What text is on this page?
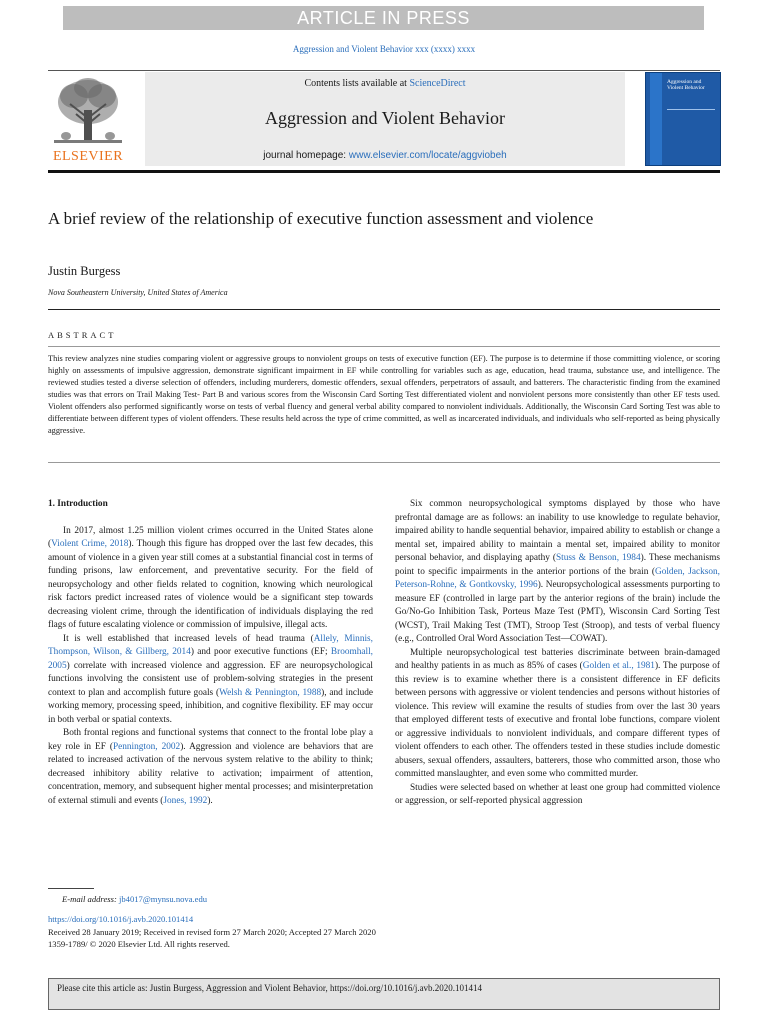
ARTICLE IN PRESS
Aggression and Violent Behavior xxx (xxxx) xxxx
ELSEVIER
Contents lists available at ScienceDirect
Aggression and Violent Behavior
journal homepage: www.elsevier.com/locate/aggviobeh
Aggression and Violent Behavior
A brief review of the relationship of executive function assessment and violence
Justin Burgess
Nova Southeastern University, United States of America
ABSTRACT
This review analyzes nine studies comparing violent or aggressive groups to nonviolent groups on tests of executive function (EF). The purpose is to determine if those committing violence, or scoring highly on assessments of impulsive aggression, demonstrate significant impairment in EF while controlling for variables such as age, education, head trauma, substance use, and intelligence. The reviewed studies tested a diverse selection of offenders, including murderers, domestic offenders, sexual offenders, perpetrators of assault, and batterers. The characteristic finding from the examined studies was that errors on Trail Making Test- Part B and various scores from the Wisconsin Card Sorting Test differentiated violent and nonviolent persons more consistently than other EF tests used. Violent offenders also performed significantly worse on tests of verbal fluency and general verbal ability compared to nonviolent individuals. Additionally, the Wisconsin Card Sorting Test was able to differentiate between different types of violent offenders. These results held across the type of crime committed, as well as incarcerated individuals, and individuals who self-reported as being physically aggressive.
1. Introduction

In 2017, almost 1.25 million violent crimes occurred in the United States alone (Violent Crime, 2018). Though this figure has dropped over the last few decades, this amount of violence in a given year still comes at a substantial financial cost in terms of funding prisons, law enforcement, and preventative security. For the field of neuropsychology and other fields related to cognition, knowing which neurological risk factors predict increased rates of violence would be a significant step towards decreasing violent crime, through the identification of individuals displaying the red flags of future escalating violence or commission of impulsive, illegal acts.

It is well established that increased levels of head trauma (Allely, Minnis, Thompson, Wilson, & Gillberg, 2014) and poor executive functions (EF; Broomhall, 2005) correlate with increased violence and aggression. EF are neuropsychological functions involving the consistent use of problem-solving strategies in the present context to plan and accomplish future goals (Welsh & Pennington, 1988), and include working memory, processing speed, inhibition, and cognitive flexibility. EF may occur in both verbal or spatial contexts.

Both frontal regions and functional systems that connect to the frontal lobe play a key role in EF (Pennington, 2002). Aggression and violence are behaviors that are related to increased activation of the nervous system relative to the ability to think; decreased inhibitory ability relative to activation; impairment of attention, concentration, memory, and subsequent higher mental processes; and misinterpretation of external stimuli and events (Jones, 1992).

Six common neuropsychological symptoms displayed by those who have prefrontal damage are as follows: an inability to use knowledge to regulate behavior, impaired ability to handle sequential behavior, impaired ability to establish or change a mental set, impaired ability to maintain a mental set, impaired ability to monitor personal behavior, and displaying apathy (Stuss & Benson, 1984). These mechanisms point to specific impairments in the anterior portions of the brain (Golden, Jackson, Peterson-Rohne, & Gontkovsky, 1996). Neuropsychological assessments purporting to measure EF (controlled in large part by the anterior regions of the brain) include the Go/No-Go Inhibition Task, Porteus Maze Test (PMT), Wisconsin Card Sorting Test (WCST), Trail Making Test (TMT), Stroop Test (Stroop), and tests of verbal fluency (e.g., Controlled Oral Word Association Test—COWAT).

Multiple neuropsychological test batteries discriminate between brain-damaged and healthy patients in as much as 85% of cases (Golden et al., 1981). The purpose of this review is to examine whether there is a consistent difference in EF deficits between persons with aggressive or violent tendencies and persons without histories of violence. This review will examine the results of studies from over the last 30 years that employed different tests of executive and frontal lobe functions, compare violent or aggressive individuals to nonviolent individuals, and compare different types of violent offenders to each other. The offenders tested in these studies include domestic abusers, sexual offenders, assaulters, batterers, those who committed arson, those who committed manslaughter, and even some who committed murder.

Studies were selected based on whether at least one group had committed violence or aggression, or self-reported physical aggression

E-mail address: jb4017@mynsu.nova.edu
https://doi.org/10.1016/j.avb.2020.101414
Received 28 January 2019; Received in revised form 27 March 2020; Accepted 27 March 2020
1359-1789/ © 2020 Elsevier Ltd. All rights reserved.
Please cite this article as: Justin Burgess, Aggression and Violent Behavior, https://doi.org/10.1016/j.avb.2020.101414
